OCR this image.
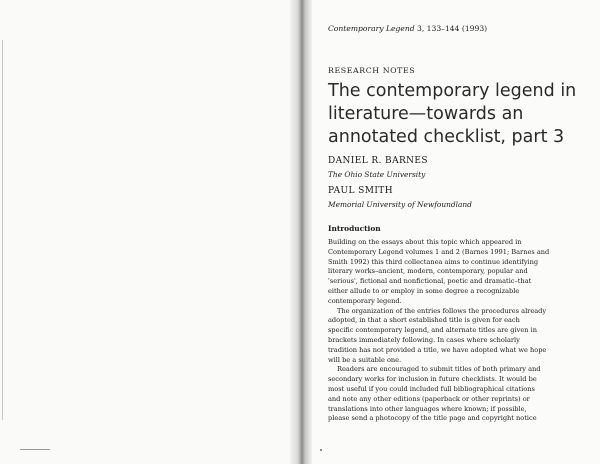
Contemporary Legend 3, 133–144 (1993)
RESEARCH NOTES
The contemporary legend in
literature—towards an
annotated checklist, part 3
DANIEL R. BARNES
The Ohio State University
PAUL SMITH
Memorial University of Newfoundland
Introduction
Building on the essays about this topic which appeared in
Contemporary Legend volumes 1 and 2 (Barnes 1991; Barnes and
Smith 1992) this third collectanea aims to continue identifying
literary works–ancient, modern, contemporary, popular and
'serious', fictional and nonfictional, poetic and dramatic–that
either allude to or employ in some degree a recognizable
contemporary legend.
The organization of the entries follows the procedures already
adopted, in that a short established title is given for each
specific contemporary legend, and alternate titles are given in
brackets immediately following. In cases where scholarly
tradition has not provided a title, we have adopted what we hope
will be a suitable one.
Readers are encouraged to submit titles of both primary and
secondary works for inclusion in future checklists. It would be
most useful if you could included full bibliographical citations
and note any other editions (paperback or other reprints) or
translations into other languages where known; if possible,
please send a photocopy of the title page and copyright notice
